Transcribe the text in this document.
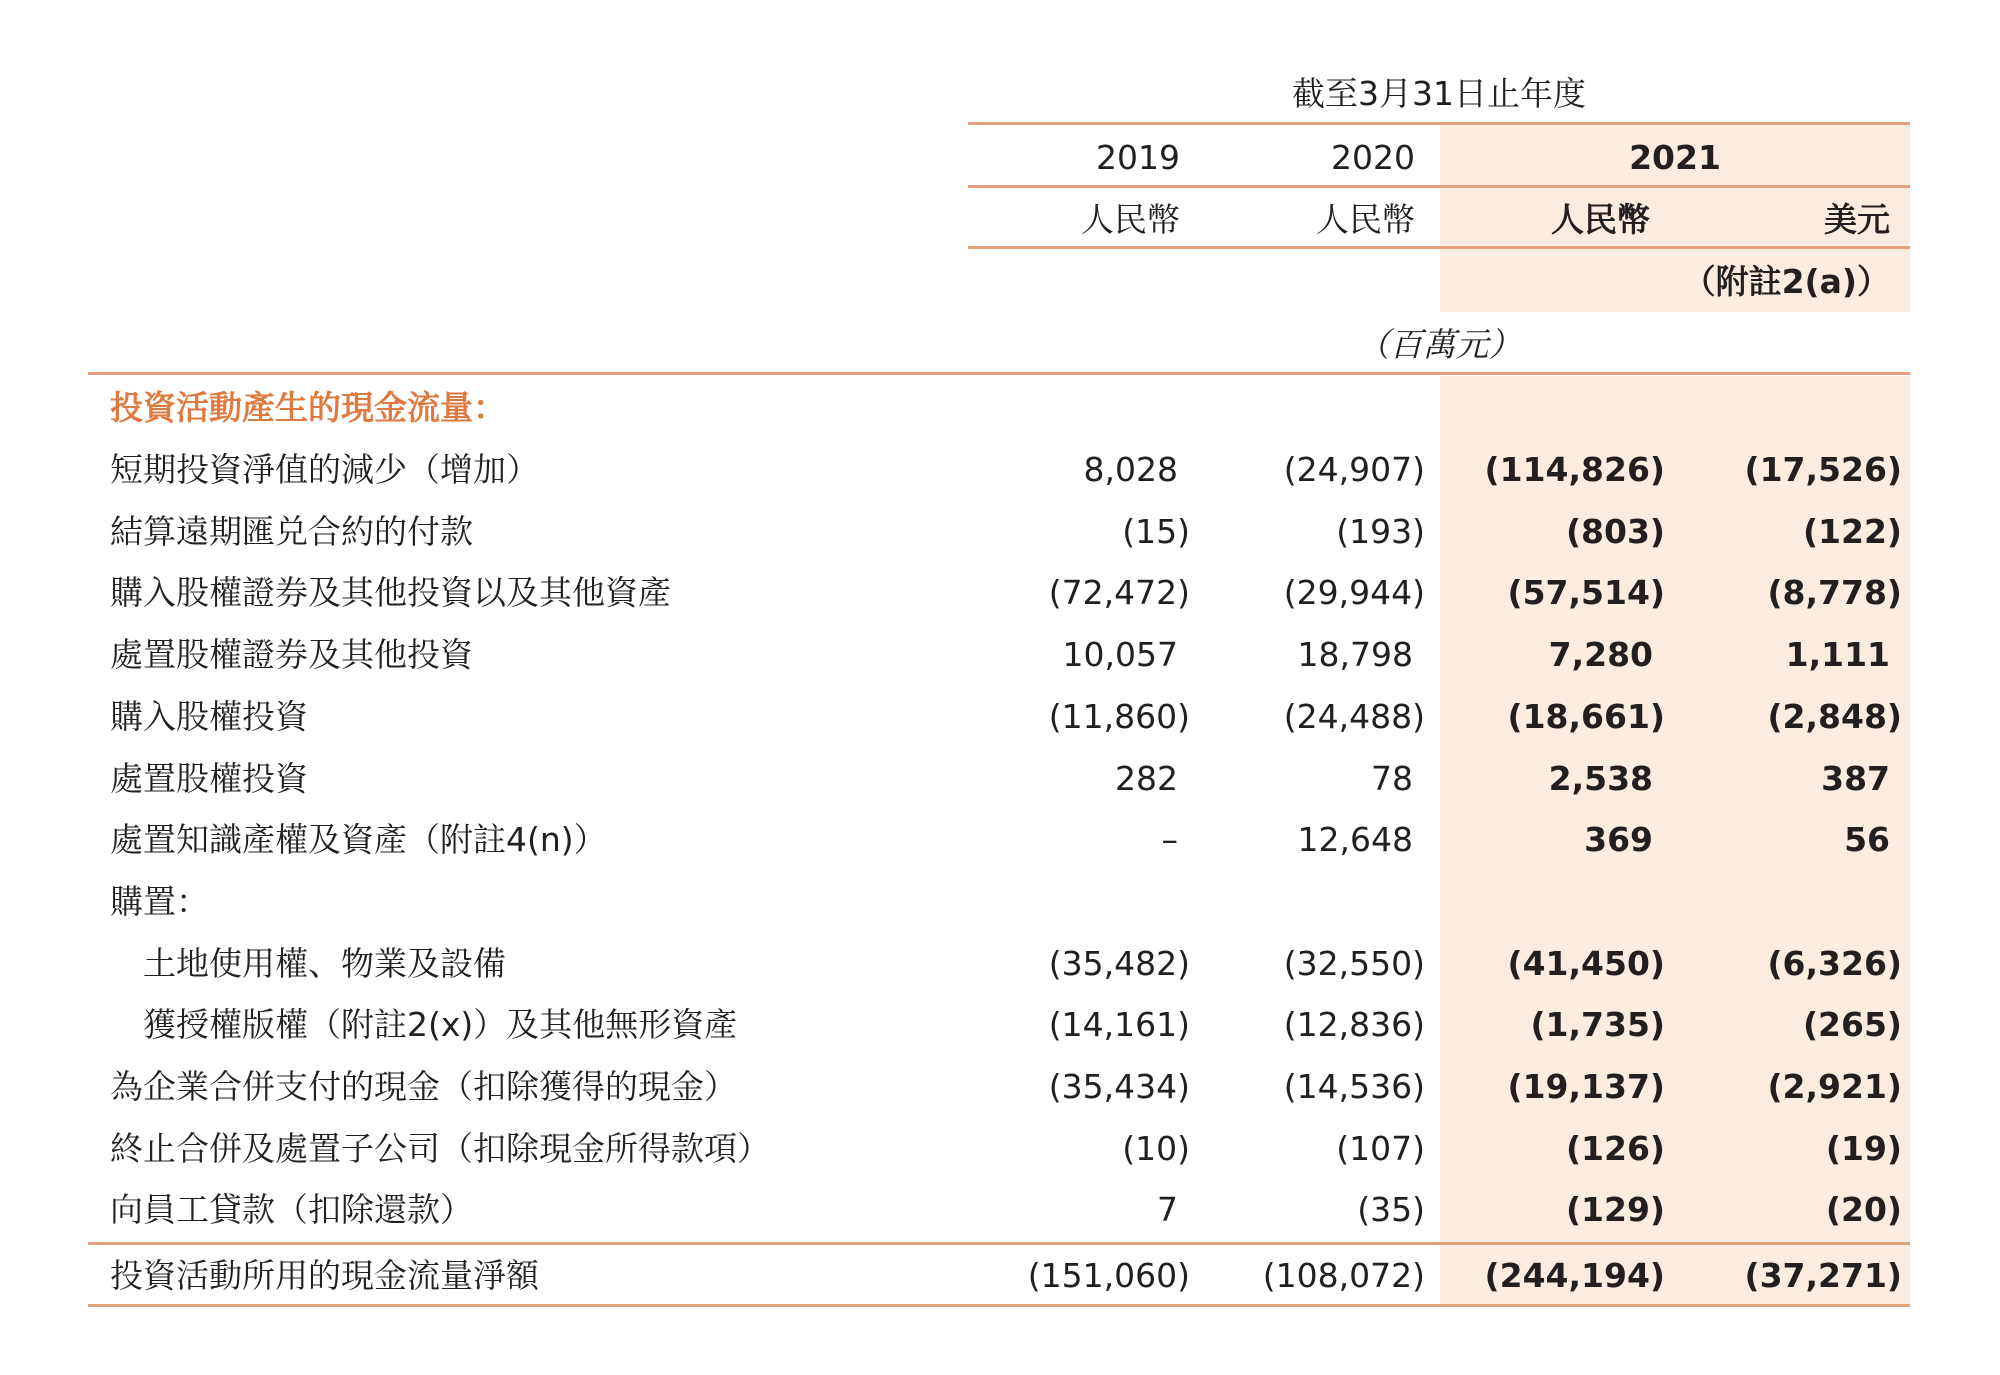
截至3月31日止年度
2019	2020	2021
人民幣	人民幣	人民幣	美元
（附註2(a)）
（百萬元）
投資活動產生的現金流量：
短期投資淨值的減少（增加）	8,028	(24,907)	(114,826)	(17,526)
結算遠期匯兑合約的付款	(15)	(193)	(803)	(122)
購入股權證券及其他投資以及其他資產	(72,472)	(29,944)	(57,514)	(8,778)
處置股權證券及其他投資	10,057	18,798	7,280	1,111
購入股權投資	(11,860)	(24,488)	(18,661)	(2,848)
處置股權投資	282	78	2,538	387
處置知識產權及資產（附註4(n)）	–	12,648	369	56
購置：
土地使用權、物業及設備	(35,482)	(32,550)	(41,450)	(6,326)
獲授權版權（附註2(x)）及其他無形資產	(14,161)	(12,836)	(1,735)	(265)
為企業合併支付的現金（扣除獲得的現金）	(35,434)	(14,536)	(19,137)	(2,921)
終止合併及處置子公司（扣除現金所得款項）	(10)	(107)	(126)	(19)
向員工貸款（扣除還款）	7	(35)	(129)	(20)
投資活動所用的現金流量淨額	(151,060)	(108,072)	(244,194)	(37,271)
